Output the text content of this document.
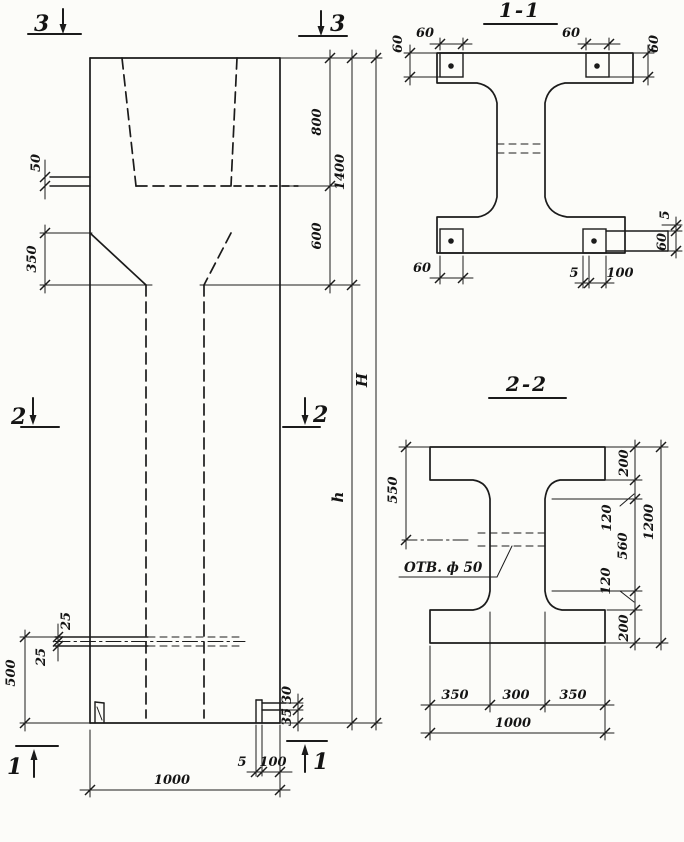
50
350
800
600
1400
h
H
25
25
500
30
35
5 100
1000
3	3
2	2
1	1
1-1
60
60
60
60
60	5 100
5
60
2-2
ОТВ. ф 50
550
200
120
560
120
200
1200
350	300 350
1000
